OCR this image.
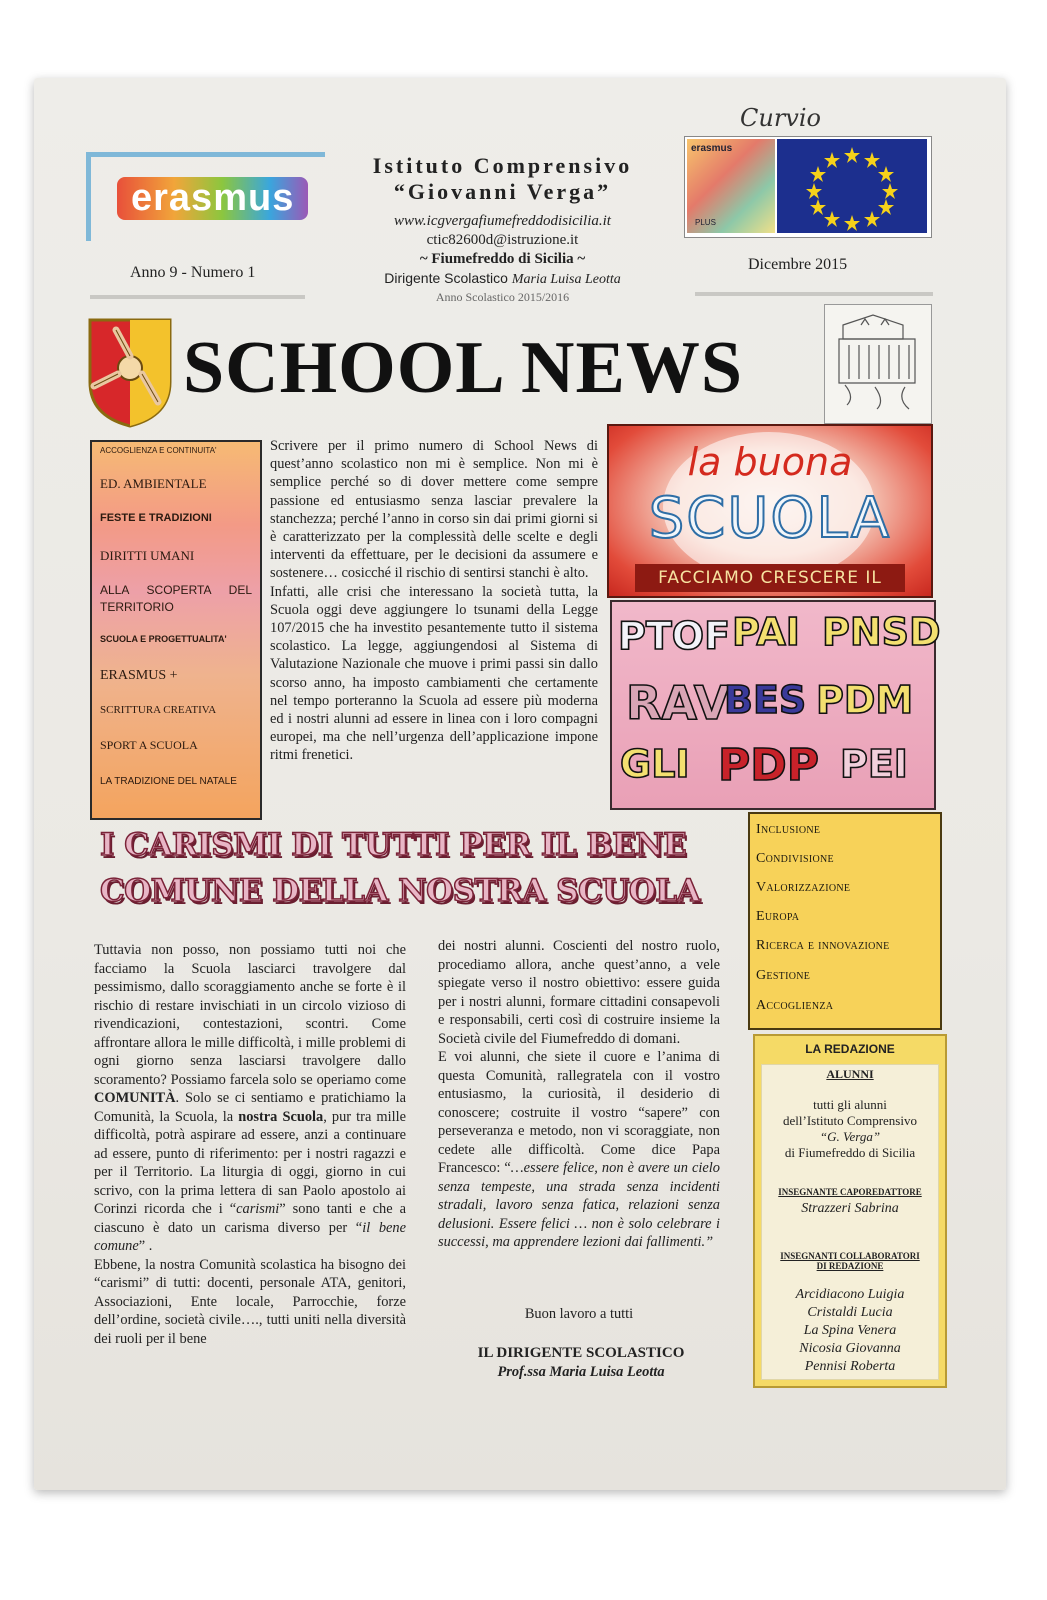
Curvio
erasmus
Anno 9 - Numero 1
Istituto Comprensivo
“Giovanni Verga”
www.icgvergafiumefreddodisicilia.it
ctic82600d@istruzione.it
~ Fiumefreddo di Sicilia ~
Dirigente Scolastico Maria Luisa Leotta
Anno Scolastico 2015/2016
erasmus
PLUS
Dicembre 2015
SCHOOL NEWS
ACCOGLIENZA E CONTINUITA'
ED. AMBIENTALE
FESTE E TRADIZIONI
DIRITTI UMANI
ALLA SCOPERTA DEL TERRITORIO
SCUOLA E PROGETTUALITA'
ERASMUS +
SCRITTURA CREATIVA
SPORT A SCUOLA
LA TRADIZIONE DEL NATALE

Scrivere per il primo numero di School News di quest’anno scolastico non mi è semplice. Non mi è semplice perché so di dover mettere come sempre passione ed entusiasmo senza lasciar prevalere la stanchezza; perché l’anno in corso sin dai primi giorni si è caratterizzato per la complessità delle scelte e degli interventi da effettuare, per le decisioni da assumere e sostenere… cosicché il rischio di sentirsi stanchi è alto.

Infatti, alle crisi che interessano la società tutta, la Scuola oggi deve aggiungere lo tsunami della Legge 107/2015 che ha investito pesantemente tutto il sistema scolastico. La legge, aggiungendosi al Sistema di Valutazione Nazionale che muove i primi passi sin dallo scorso anno, ha imposto cambiamenti che certamente nel tempo porteranno la Scuola ad essere più moderna ed i nostri alunni ad essere in linea con i loro compagni europei, ma che nell’urgenza dell’applicazione impone ritmi frenetici.

la buona
SCUOLA
FACCIAMO CRESCERE IL
PTOF PAI PNSD
RAV
BES PDM
GLI PDP PEI
I CARISMI DI TUTTI PER IL BENE
COMUNE DELLA NOSTRA SCUOLA

Tuttavia non posso, non possiamo tutti noi che facciamo la Scuola lasciarci travolgere dal pessimismo, dallo scoraggiamento anche se forte è il rischio di restare invischiati in un circolo vizioso di rivendicazioni, contestazioni, scontri. Come affrontare allora le mille difficoltà, i mille problemi di ogni giorno senza lasciarsi travolgere dallo scoramento? Possiamo farcela solo se operiamo come COMUNITÀ. Solo se ci sentiamo e pratichiamo la Comunità, la Scuola, la nostra Scuola, pur tra mille difficoltà, potrà aspirare ad essere, anzi a continuare ad essere, punto di riferimento: per i nostri ragazzi e per il Territorio. La liturgia di oggi, giorno in cui scrivo, con la prima lettera di san Paolo apostolo ai Corinzi ricorda che i “carismi” sono tanti e che a ciascuno è dato un carisma diverso per “il bene comune” .

Ebbene, la nostra Comunità scolastica ha bisogno dei “carismi” di tutti: docenti, personale ATA, genitori, Associazioni, Ente locale, Parrocchie, forze dell’ordine, società civile…., tutti uniti nella diversità dei ruoli per il bene

dei nostri alunni. Coscienti del nostro ruolo, procediamo allora, anche quest’anno, a vele spiegate verso il nostro obiettivo: essere guida per i nostri alunni, formare cittadini consapevoli e responsabili, certi così di costruire insieme la Società civile del Fiumefreddo di domani.

E voi alunni, che siete il cuore e l’anima di questa Comunità, rallegratela con il vostro entusiasmo, la curiosità, il desiderio di conoscere; costruite il vostro “sapere” con perseveranza e metodo, non vi scoraggiate, non cedete alle difficoltà. Come dice Papa Francesco: “…essere felice, non è avere un cielo senza tempeste, una strada senza incidenti stradali, lavoro senza fatica, relazioni senza delusioni. Essere felici … non è solo celebrare i successi, ma apprendere lezioni dai fallimenti.”

Buon lavoro a tutti
IL DIRIGENTE SCOLASTICO
Prof.ssa Maria Luisa Leotta
Inclusione
Condivisione
Valorizzazione
Europa
Ricerca e innovazione
Gestione
Accoglienza
LA REDAZIONE
ALUNNI
tutti gli alunni
dell’Istituto Comprensivo
“G. Verga”
di Fiumefreddo di Sicilia
INSEGNANTE CAPOREDATTORE
Strazzeri Sabrina
INSEGNANTI COLLABORATORI
DI REDAZIONE
Arcidiacono Luigia
Cristaldi Lucia
La Spina Venera
Nicosia Giovanna
Pennisi Roberta
